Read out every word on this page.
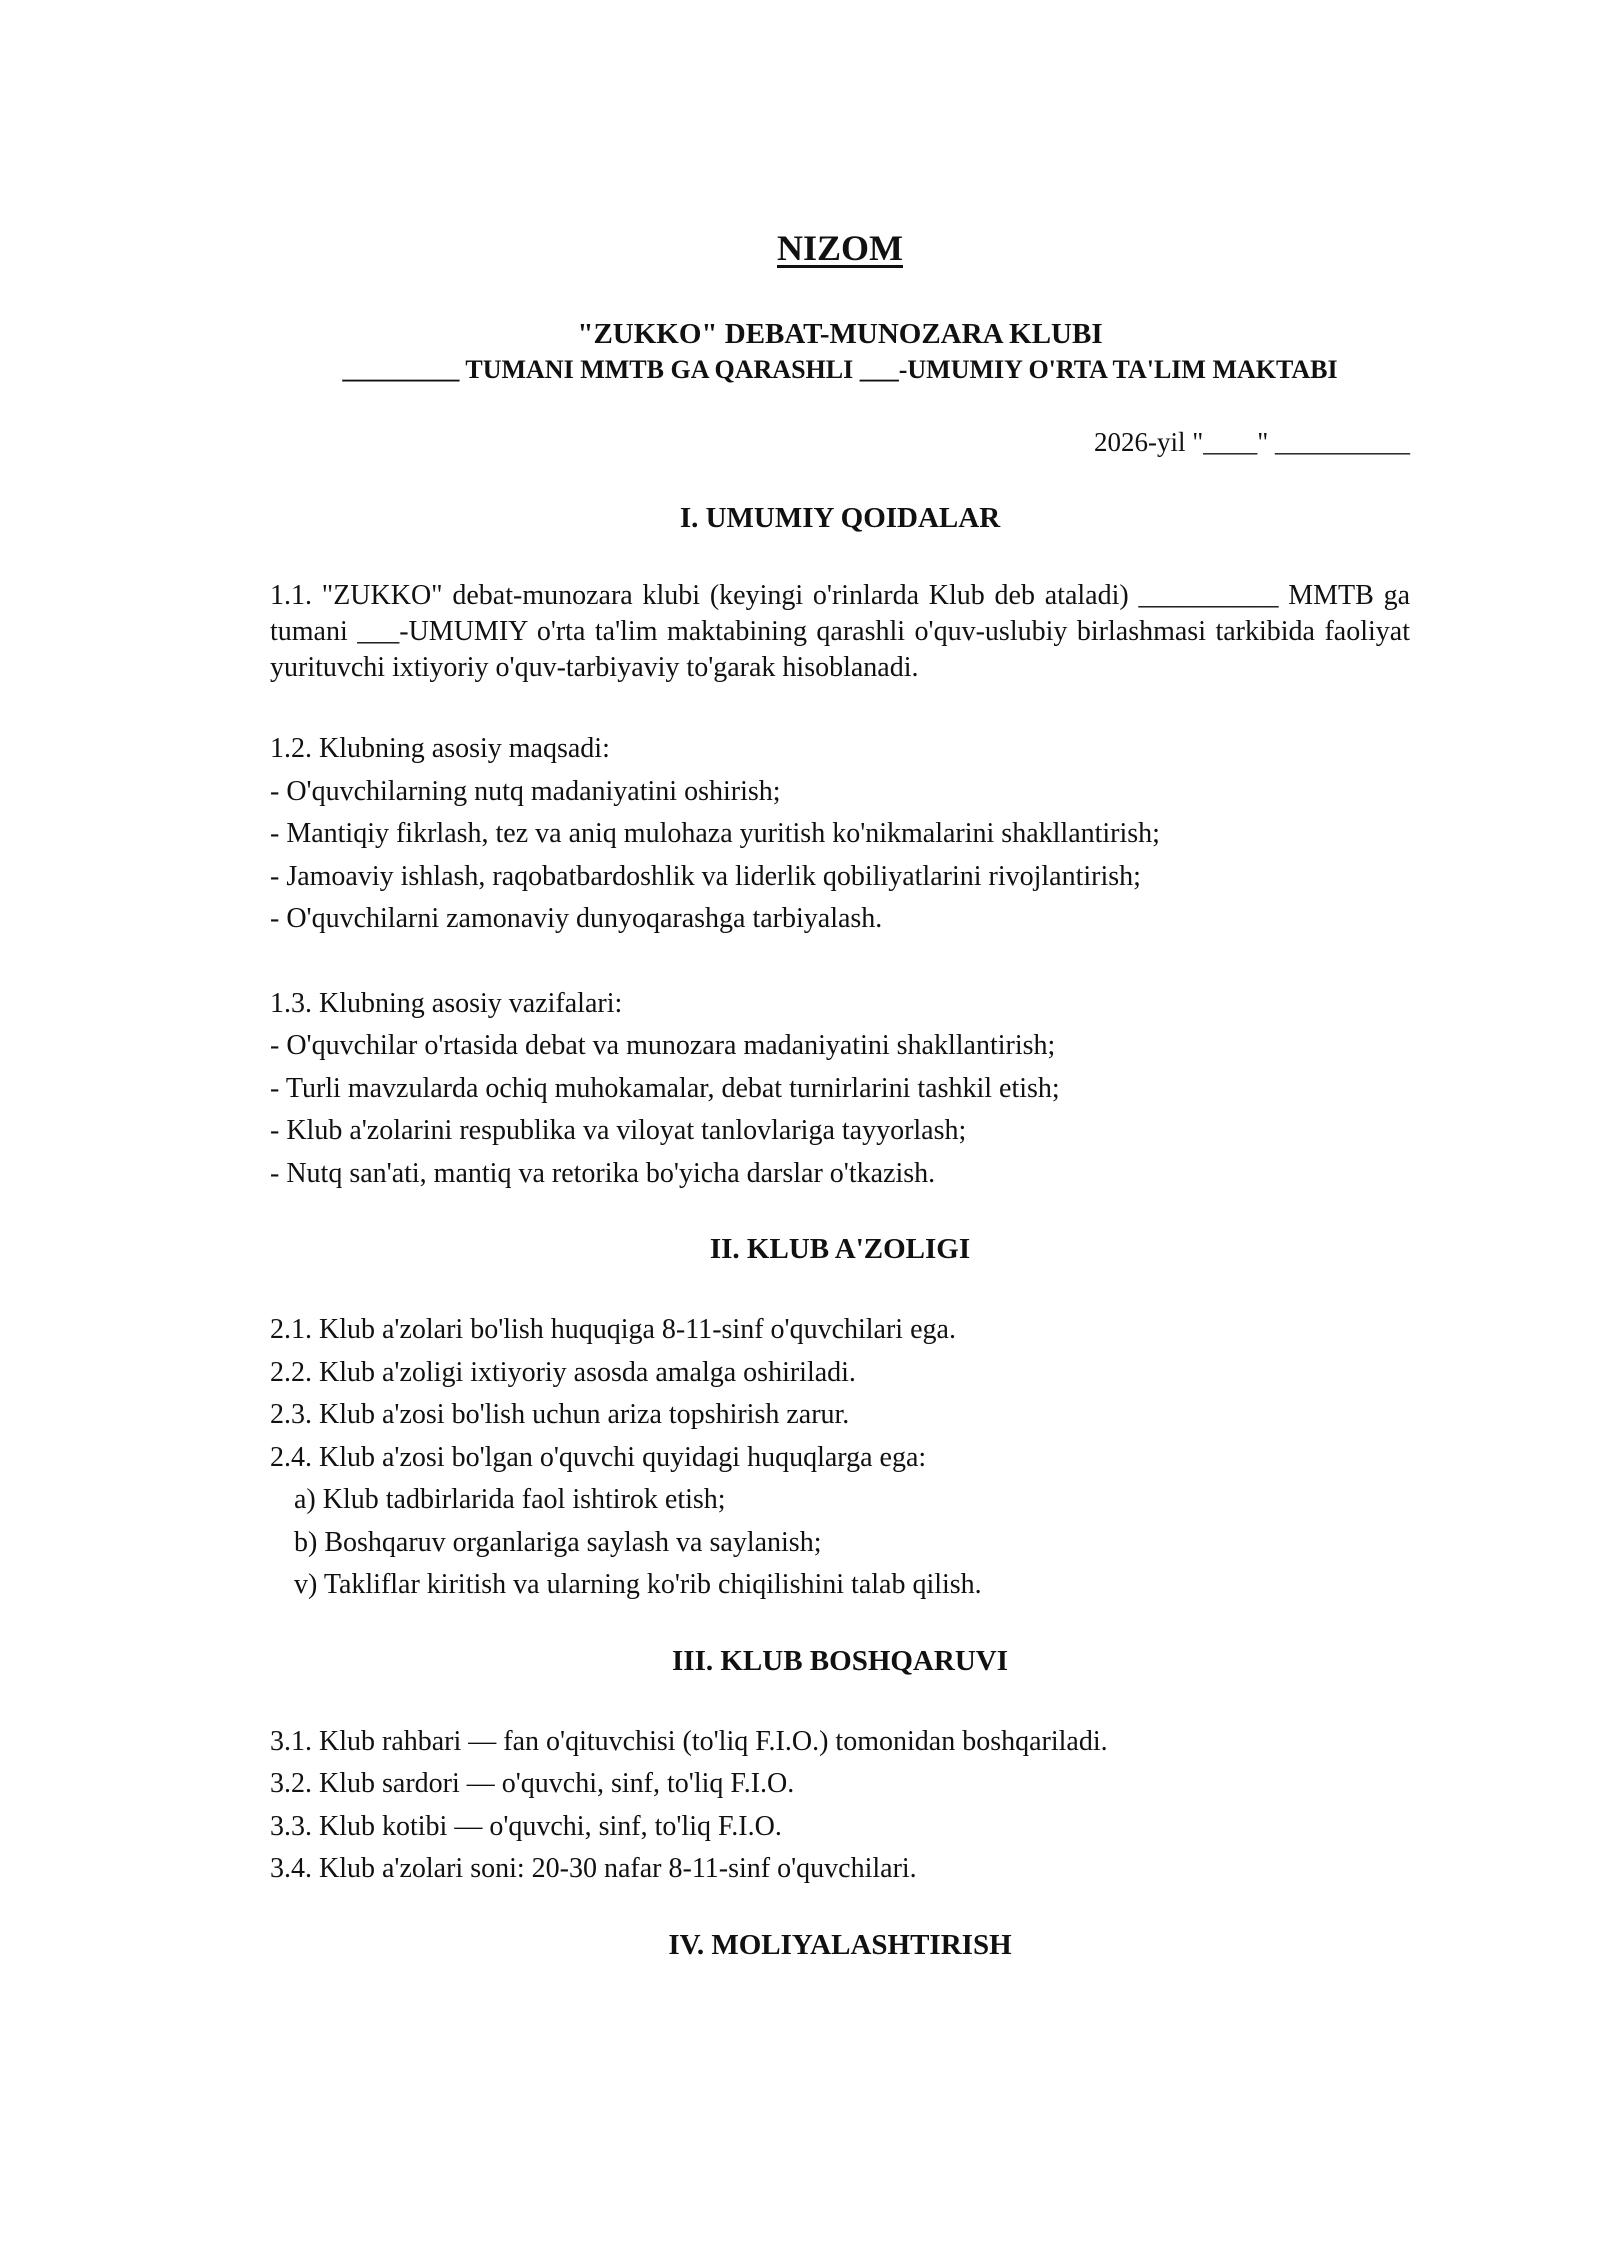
NIZOM

"ZUKKO" DEBAT-MUNOZARA KLUBI

_________ TUMANI MMTB GA QARASHLI ___-UMUMIY O'RTA TA'LIM MAKTABI

2026-yil "____" __________

I. UMUMIY QOIDALAR

1.1. "ZUKKO" debat-munozara klubi (keyingi o'rinlarda Klub deb ataladi) __________ MMTB ga tumani ___-UMUMIY o'rta ta'lim maktabining qarashli o'quv-uslubiy birlashmasi tarkibida faoliyat yurituvchi ixtiyoriy o'quv-tarbiyaviy to'garak hisoblanadi.

1.2. Klubning asosiy maqsadi:

- O'quvchilarning nutq madaniyatini oshirish;

- Mantiqiy fikrlash, tez va aniq mulohaza yuritish ko'nikmalarini shakllantirish;

- Jamoaviy ishlash, raqobatbardoshlik va liderlik qobiliyatlarini rivojlantirish;

- O'quvchilarni zamonaviy dunyoqarashga tarbiyalash.

1.3. Klubning asosiy vazifalari:

- O'quvchilar o'rtasida debat va munozara madaniyatini shakllantirish;

- Turli mavzularda ochiq muhokamalar, debat turnirlarini tashkil etish;

- Klub a'zolarini respublika va viloyat tanlovlariga tayyorlash;

- Nutq san'ati, mantiq va retorika bo'yicha darslar o'tkazish.

II. KLUB A'ZOLIGI

2.1. Klub a'zolari bo'lish huquqiga 8-11-sinf o'quvchilari ega.

2.2. Klub a'zoligi ixtiyoriy asosda amalga oshiriladi.

2.3. Klub a'zosi bo'lish uchun ariza topshirish zarur.

2.4. Klub a'zosi bo'lgan o'quvchi quyidagi huquqlarga ega:

a) Klub tadbirlarida faol ishtirok etish;

b) Boshqaruv organlariga saylash va saylanish;

v) Takliflar kiritish va ularning ko'rib chiqilishini talab qilish.

III. KLUB BOSHQARUVI

3.1. Klub rahbari — fan o'qituvchisi (to'liq F.I.O.) tomonidan boshqariladi.

3.2. Klub sardori — o'quvchi, sinf, to'liq F.I.O.

3.3. Klub kotibi — o'quvchi, sinf, to'liq F.I.O.

3.4. Klub a'zolari soni: 20-30 nafar 8-11-sinf o'quvchilari.

IV. MOLIYALASHTIRISH
